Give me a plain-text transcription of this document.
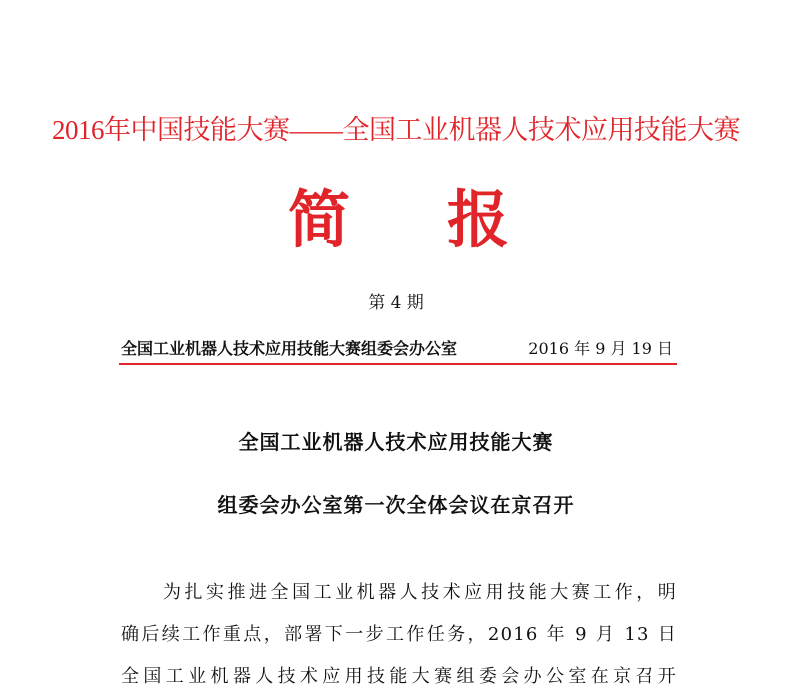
2016年中国技能大赛——全国工业机器人技术应用技能大赛
简 报
第 4 期
全国工业机器人技术应用技能大赛组委会办公室	2016 年 9 月 19 日
全国工业机器人技术应用技能大赛
组委会办公室第一次全体会议在京召开
为扎实推进全国工业机器人技术应用技能大赛工作，明
确后续工作重点，部署下一步工作任务，2016 年 9 月 13 日
全国工业机器人技术应用技能大赛组委会办公室在京召开
